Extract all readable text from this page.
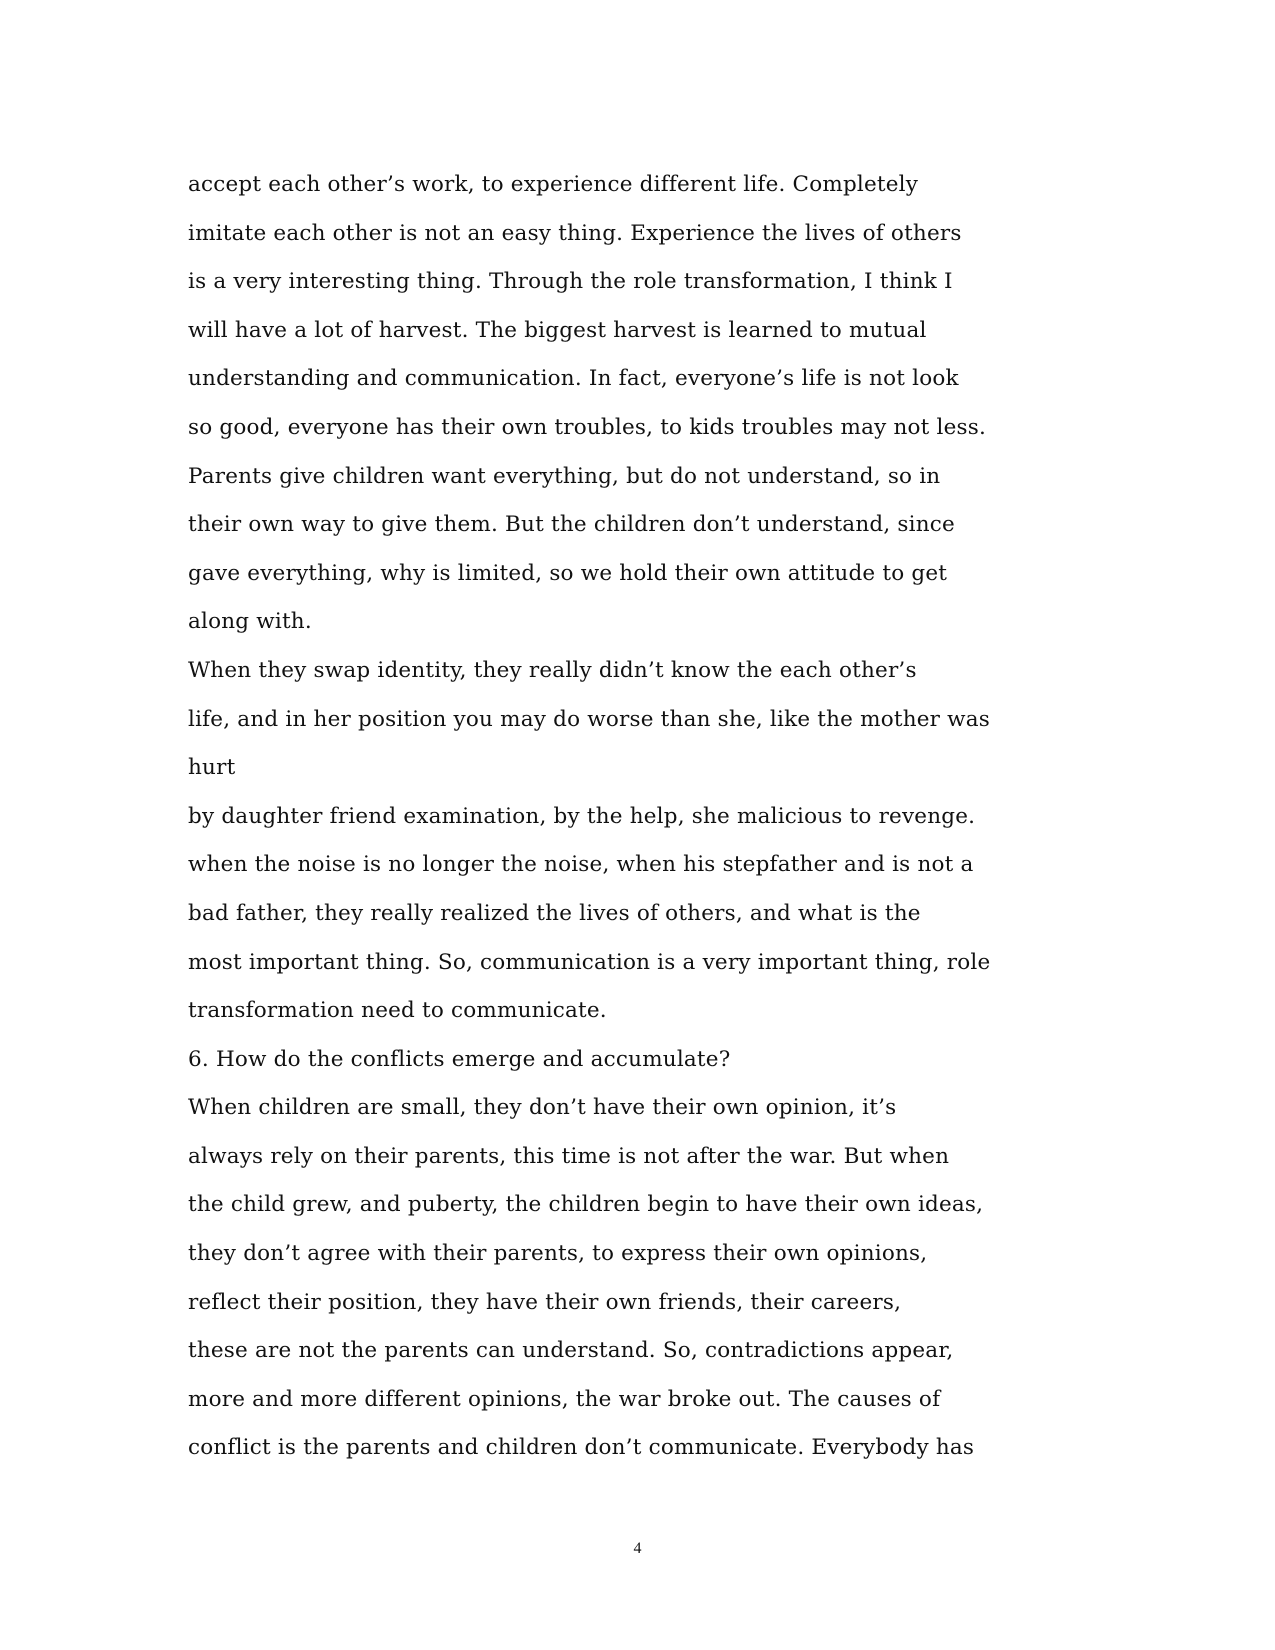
accept each other’s work, to experience different life. Completely
imitate each other is not an easy thing. Experience the lives of others
is a very interesting thing. Through the role transformation, I think I
will have a lot of harvest. The biggest harvest is learned to mutual
understanding and communication. In fact, everyone’s life is not look
so good, everyone has their own troubles, to kids troubles may not less.
Parents give children want everything, but do not understand, so in
their own way to give them. But the children don’t understand, since
gave everything, why is limited, so we hold their own attitude to get
along with.
When they swap identity, they really didn’t know the each other’s
life, and in her position you may do worse than she, like the mother was
hurt
by daughter friend examination, by the help, she malicious to revenge.
when the noise is no longer the noise, when his stepfather and is not a
bad father, they really realized the lives of others, and what is the
most important thing. So, communication is a very important thing, role
transformation need to communicate.
6. How do the conflicts emerge and accumulate?
When children are small, they don’t have their own opinion, it’s
always rely on their parents, this time is not after the war. But when
the child grew, and puberty, the children begin to have their own ideas,
they don’t agree with their parents, to express their own opinions,
reflect their position, they have their own friends, their careers,
these are not the parents can understand. So, contradictions appear,
more and more different opinions, the war broke out. The causes of
conflict is the parents and children don’t communicate. Everybody has
4
